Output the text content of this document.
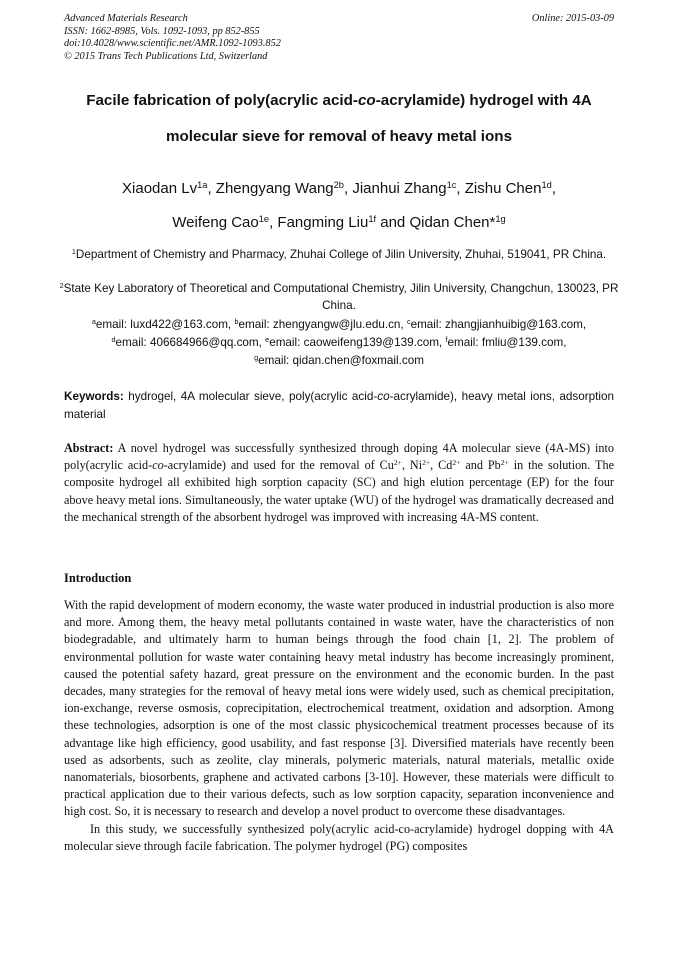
Advanced Materials Research
ISSN: 1662-8985, Vols. 1092-1093, pp 852-855
doi:10.4028/www.scientific.net/AMR.1092-1093.852
© 2015 Trans Tech Publications Ltd, Switzerland
Online: 2015-03-09
Facile fabrication of poly(acrylic acid-co-acrylamide) hydrogel with 4A
molecular sieve for removal of heavy metal ions
Xiaodan $Lv^{1a}$, Zhengyang Wang$^{2b}$, Jianhui Zhang$^{1c}$, Zishu Chen$^{1d}$,
Weifeng Cao$^{1e}$, Fangming Liu$^{1f}$ and Qidan Chen*$^{1g}$
$^1$Department of Chemistry and Pharmacy, Zhuhai College of Jilin University, Zhuhai, 519041, PR China.
$^2$State Key Laboratory of Theoretical and Computational Chemistry, Jilin University, Changchun, 130023, PR China.
$^a$email: luxd422@163.com, $^b$email: zhengyangw@jlu.edu.cn, $^c$email: zhangjianhuibig@163.com,
$^d$email: 406684966@qq.com, $^e$email: caoweifeng139@139.com, $^f$email: fmliu@139.com,
$^g$email: qidan.chen@foxmail.com
Keywords: hydrogel, 4A molecular sieve, poly(acrylic acid-co-acrylamide), heavy metal ions, adsorption material
Abstract: A novel hydrogel was successfully synthesized through doping 4A molecular sieve (4A-MS) into poly(acrylic acid-co-acrylamide) and used for the removal of $Cu^{2+}$, $Ni^{2+}$, $Cd^{2+}$ and $Pb^{2+}$ in the solution. The composite hydrogel all exhibited high sorption capacity (SC) and high elution percentage (EP) for the four above heavy metal ions. Simultaneously, the water uptake (WU) of the hydrogel was dramatically decreased and the mechanical strength of the absorbent hydrogel was improved with increasing 4A-MS content.
Introduction

With the rapid development of modern economy, the waste water produced in industrial production is also more and more. Among them, the heavy metal pollutants contained in waste water, have the characteristics of non biodegradable, and ultimately harm to human beings through the food chain [1, 2]. The problem of environmental pollution for waste water containing heavy metal industry has become increasingly prominent, caused the potential safety hazard, great pressure on the environment and the economic burden. In the past decades, many strategies for the removal of heavy metal ions were widely used, such as chemical precipitation, ion-exchange, reverse osmosis, coprecipitation, electrochemical treatment, oxidation and adsorption. Among these technologies, adsorption is one of the most classic physicochemical treatment processes because of its advantage like high efficiency, good usability, and fast response [3]. Diversified materials have recently been used as adsorbents, such as zeolite, clay minerals, polymeric materials, natural materials, metallic oxide nanomaterials, biosorbents, graphene and activated carbons [3-10]. However, these materials were difficult to practical application due to their various defects, such as low sorption capacity, separation inconvenience and high cost. So, it is necessary to research and develop a novel product to overcome these disadvantages.

In this study, we successfully synthesized poly(acrylic acid-co-acrylamide) hydrogel dopping with 4A molecular sieve through facile fabrication. The polymer hydrogel (PG) composites
